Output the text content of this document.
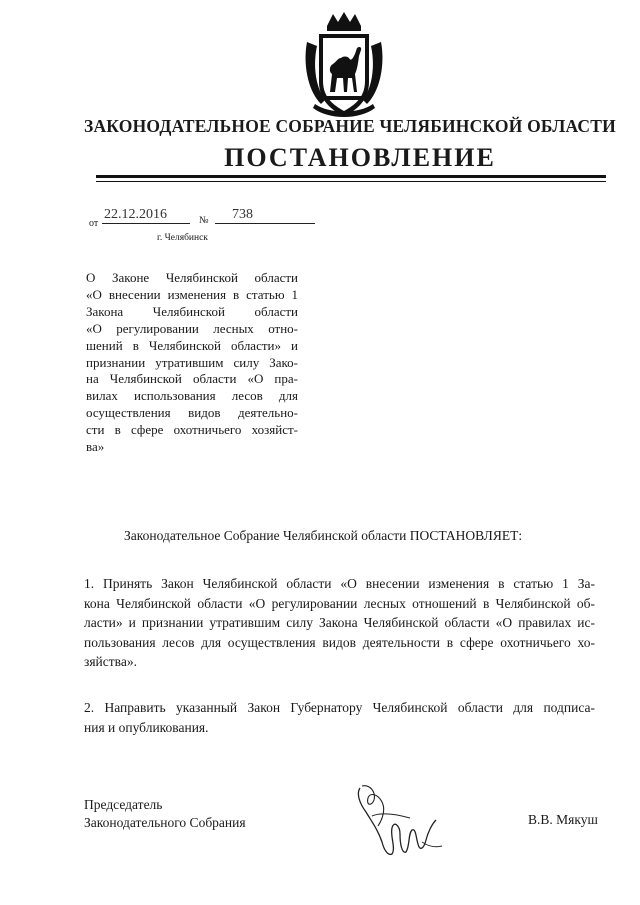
ЗАКОНОДАТЕЛЬНОЕ СОБРАНИЕ ЧЕЛЯБИНСКОЙ ОБЛАСТИ
ПОСТАНОВЛЕНИЕ
от
22.12.2016	№ 738
г. Челябинск
О Законе Челябинской области
«О внесении изменения в статью 1
Закона Челябинской области
«О регулировании лесных отно-
шений в Челябинской области» и
признании утратившим силу Зако-
на Челябинской области «О пра-
вилах использования лесов для
осуществления видов деятельно-
сти в сфере охотничьего хозяйст-
ва»
Законодательное Собрание Челябинской области ПОСТАНОВЛЯЕТ:
1. Принять Закон Челябинской области «О внесении изменения в статью 1 За-
кона Челябинской области «О регулировании лесных отношений в Челябинской об-
ласти» и признании утратившим силу Закона Челябинской области «О правилах ис-
пользования лесов для осуществления видов деятельности в сфере охотничьего хо-
зяйства».
2. Направить указанный Закон Губернатору Челябинской области для подписа-
ния и опубликования.
Председатель
Законодательного Собрания	В.В. Мякуш
